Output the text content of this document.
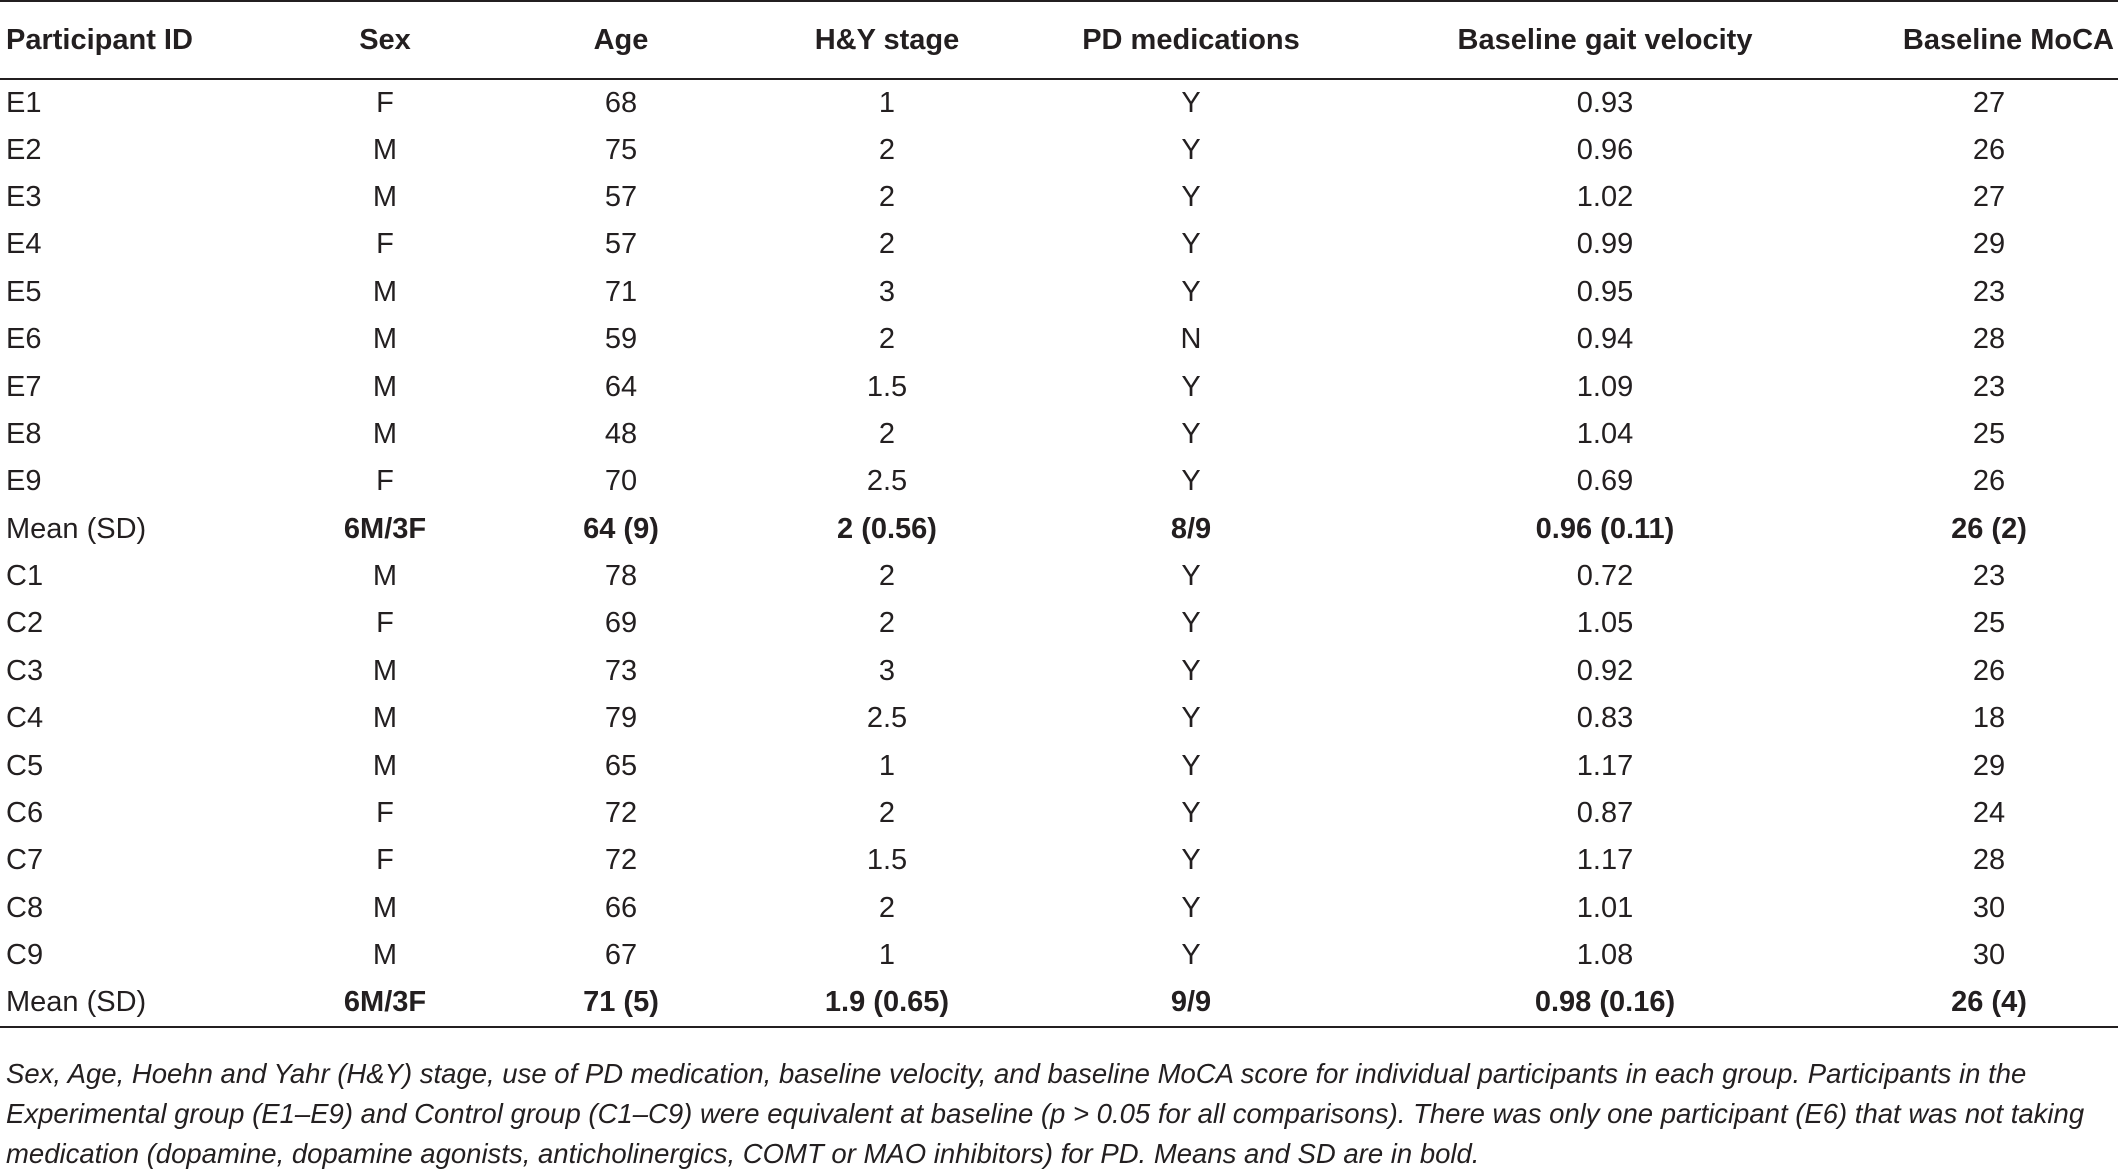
Participant ID	Sex	Age	H&Y stage	PD medications	Baseline gait velocity	Baseline MoCA
E1	F	68	1	Y	0.93	27
E2	M	75	2	Y	0.96	26
E3	M	57	2	Y	1.02	27
E4	F	57	2	Y	0.99	29
E5	M	71	3	Y	0.95	23
E6	M	59	2	N	0.94	28
E7	M	64	1.5	Y	1.09	23
E8	M	48	2	Y	1.04	25
E9	F	70	2.5	Y	0.69	26
Mean (SD)	6M/3F	64 (9)	2 (0.56)	8/9	0.96 (0.11)	26 (2)
C1	M	78	2	Y	0.72	23
C2	F	69	2	Y	1.05	25
C3	M	73	3	Y	0.92	26
C4	M	79	2.5	Y	0.83	18
C5	M	65	1	Y	1.17	29
C6	F	72	2	Y	0.87	24
C7	F	72	1.5	Y	1.17	28
C8	M	66	2	Y	1.01	30
C9	M	67	1	Y	1.08	30
Mean (SD)	6M/3F	71 (5)	1.9 (0.65)	9/9	0.98 (0.16)	26 (4)
Sex, Age, Hoehn and Yahr (H&Y) stage, use of PD medication, baseline velocity, and baseline MoCA score for individual participants in each group. Participants in the Experimental group (E1–E9) and Control group (C1–C9) were equivalent at baseline (p > 0.05 for all comparisons). There was only one participant (E6) that was not taking medication (dopamine, dopamine agonists, anticholinergics, COMT or MAO inhibitors) for PD. Means and SD are in bold.
